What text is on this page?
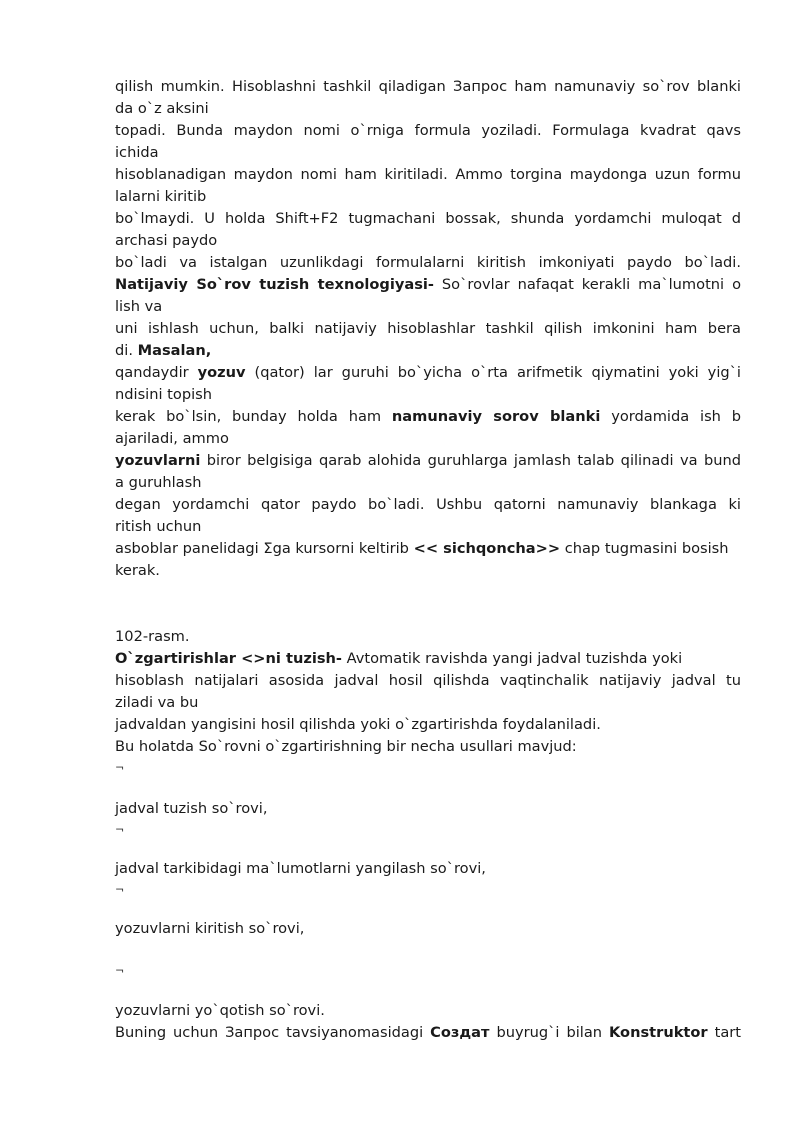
qilish mumkin. Hisoblashni tashkil qiladigan Запрос ham namunaviy so`rov blanki
da o`z aksini
topadi. Bunda maydon nomi o`rniga formula yoziladi. Formulaga kvadrat qavs
ichida
hisoblanadigan maydon nomi ham kiritiladi. Ammo torgina maydonga uzun formu
lalarni kiritib
bo`lmaydi. U holda Shift+F2 tugmachani bossak, shunda yordamchi muloqat d
archasi paydo
bo`ladi va istalgan uzunlikdagi formulalarni kiritish imkoniyati paydo bo`ladi.
Natijaviy So`rov tuzish texnologiyasi- So`rovlar nafaqat kerakli ma`lumotni o
lish va
uni ishlash uchun, balki natijaviy hisoblashlar tashkil qilish imkonini ham bera
di. Masalan,
qandaydir yozuv (qator) lar guruhi bo`yicha o`rta arifmetik qiymatini yoki yig`i
ndisini topish
kerak bo`lsin, bunday holda ham namunaviy sorov blanki yordamida ish b
ajariladi, ammo
yozuvlarni biror belgisiga qarab alohida guruhlarga jamlash talab qilinadi va bund
a guruhlash
degan yordamchi qator paydo bo`ladi. Ushbu qatorni namunaviy blankaga ki
ritish uchun
asboblar panelidagi Σga kursorni keltirib << sichqoncha>> chap tugmasini bosish
kerak.
102-rasm.
O`zgartirishlar <>ni tuzish- Avtomatik ravishda yangi jadval tuzishda yoki
hisoblash natijalari asosida jadval hosil qilishda vaqtinchalik natijaviy jadval tu
ziladi va bu
jadvaldan yangisini hosil qilishda yoki o`zgartirishda foydalaniladi.
Bu holatda So`rovni o`zgartirishning bir necha usullari mavjud:
¬
jadval tuzish so`rovi,
¬
jadval tarkibidagi ma`lumotlarni yangilash so`rovi,
¬
yozuvlarni kiritish so`rovi,
¬
yozuvlarni yo`qotish so`rovi.
Buning uchun Запрос tavsiyanomasidagi Создат buyrug`i bilan Konstruktor tart
